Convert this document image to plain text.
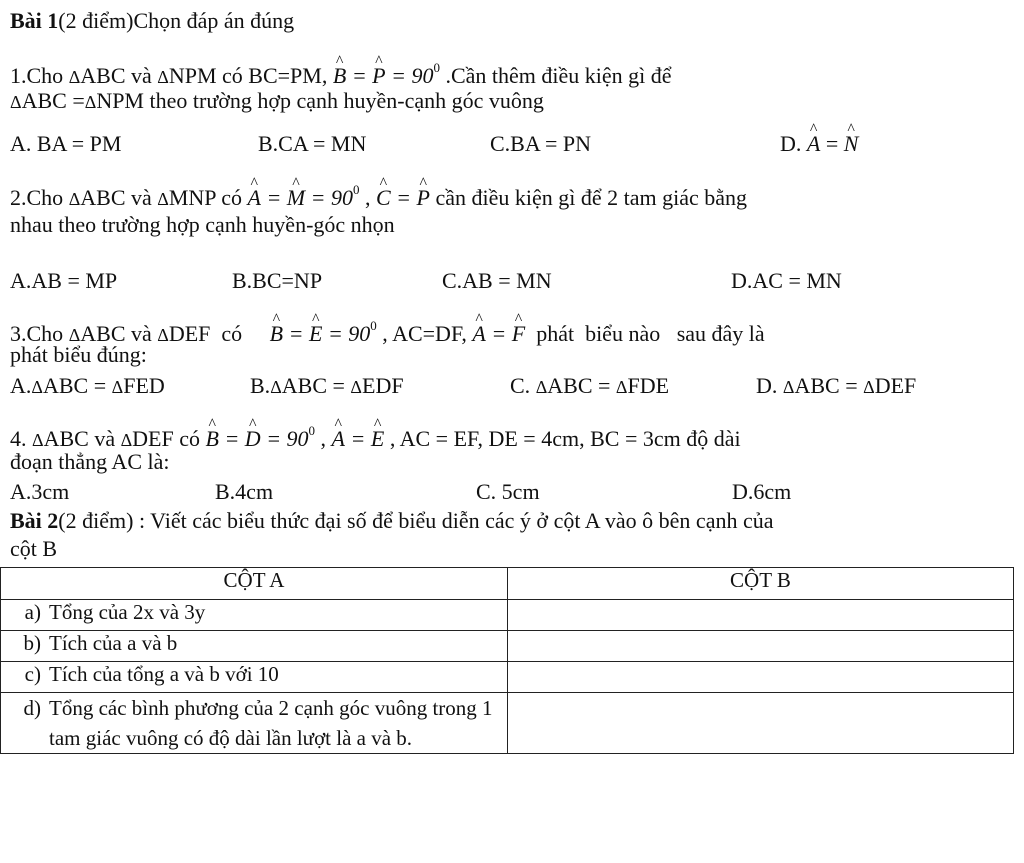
Bài 1(2 điểm)Chọn đáp án đúng
1.Cho ΔABC và ΔNPM có BC=PM, ^ B = ^ $P = 90^0$ .Cần thêm điều kiện gì để
ΔABC =ΔNPM theo trường hợp cạnh huyền-cạnh góc vuông
A. BA = PM	B.CA = MN	C.BA = PN	D. ^ A = ^ N
2.Cho ΔABC và ΔMNP có ^ A = ^ $M = 90^0$ , ^ C = ^ P cần điều kiện gì để 2 tam giác bằng
nhau theo trường hợp cạnh huyền-góc nhọn
A.AB = MP	B.BC=NP	C.AB = MN	D.AC = MN
3.Cho ΔABC và ΔDEF  có     ^ B = ^ $E = 90^0$ , AC=DF, ^ A = ^ F  phát  biểu nào   sau đây là
phát biểu đúng:
A.ΔABC = ΔFED	B.ΔABC = ΔEDF	C. ΔABC = ΔFDE	D. ΔABC = ΔDEF
4. ΔABC và ΔDEF có ^ B = ^ $D = 90^0$ , ^ A = ^ E , AC = EF, DE = 4cm, BC = 3cm độ dài
đoạn thẳng AC là:
A.3cm	B.4cm	C. 5cm	D.6cm
Bài 2(2 điểm) : Viết các biểu thức đại số để biểu diễn các ý ở cột A vào ô bên cạnh của
cột B
CỘT A	CỘT B

a) Tổng của 2x và 3y	

b) Tích của a và b	

c) Tích của tổng a và b với 10	

d) Tổng các bình phương của 2 cạnh góc vuông trong 1 tam giác vuông có độ dài lần lượt là a và b.	
